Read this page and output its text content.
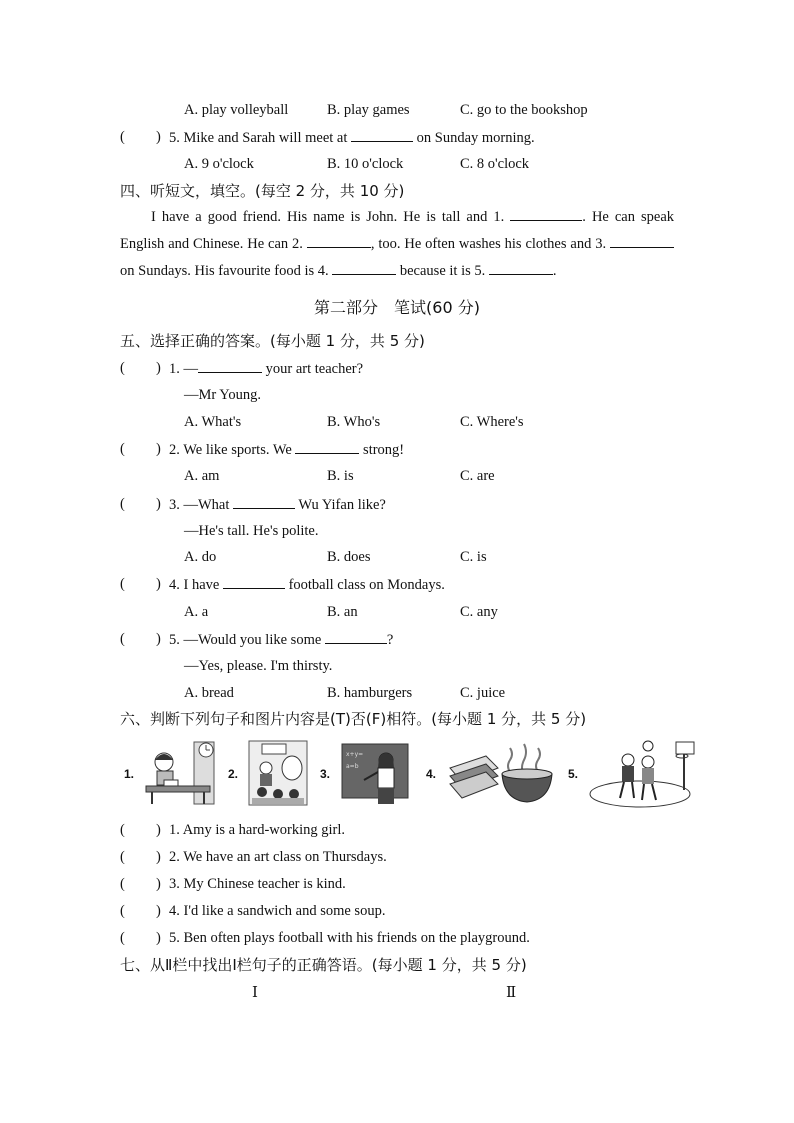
A. play volleyball	B. play games	C. go to the bookshop
( ) 5. Mike and Sarah will meet at	on Sunday morning.
A. 9 o'clock	B. 10 o'clock	C. 8 o'clock
四、听短文，填空。(每空 2 分，共 10 分)
I have a good friend. His name is John. He is tall and 1.	. He can speak English and Chinese. He can 2.	, too. He often washes his clothes and 3.  on Sundays. His favourite food is 4.	because it is 5.	.
第二部分　笔试(60 分)
五、选择正确的答案。(每小题 1 分，共 5 分)
( ) 1. —	your art teacher?
—Mr Young.
A. What's	B. Who's	C. Where's
( ) 2. We like sports. We	strong!
A. am	B. is	C. are
( ) 3. —What	Wu Yifan like?
—He's tall. He's polite.
A. do	B. does	C. is
( ) 4. I have	football class on Mondays.
A. a	B. an	C. any
( ) 5. —Would you like some	?
—Yes, please. I'm thirsty.
A. bread	B. hamburgers	C. juice
六、判断下列句子和图片内容是(T)否(F)相符。(每小题 1 分，共 5 分)
1.	2.	3.
x+y=
a=b
4.	5.
( ) 1. Amy is a hard-working girl.
( ) 2. We have an art class on Thursdays.
( ) 3. My Chinese teacher is kind.
( ) 4. I'd like a sandwich and some soup.
( ) 5. Ben often plays football with his friends on the playground.
七、从Ⅱ栏中找出Ⅰ栏句子的正确答语。(每小题 1 分，共 5 分)
Ⅰ	Ⅱ
